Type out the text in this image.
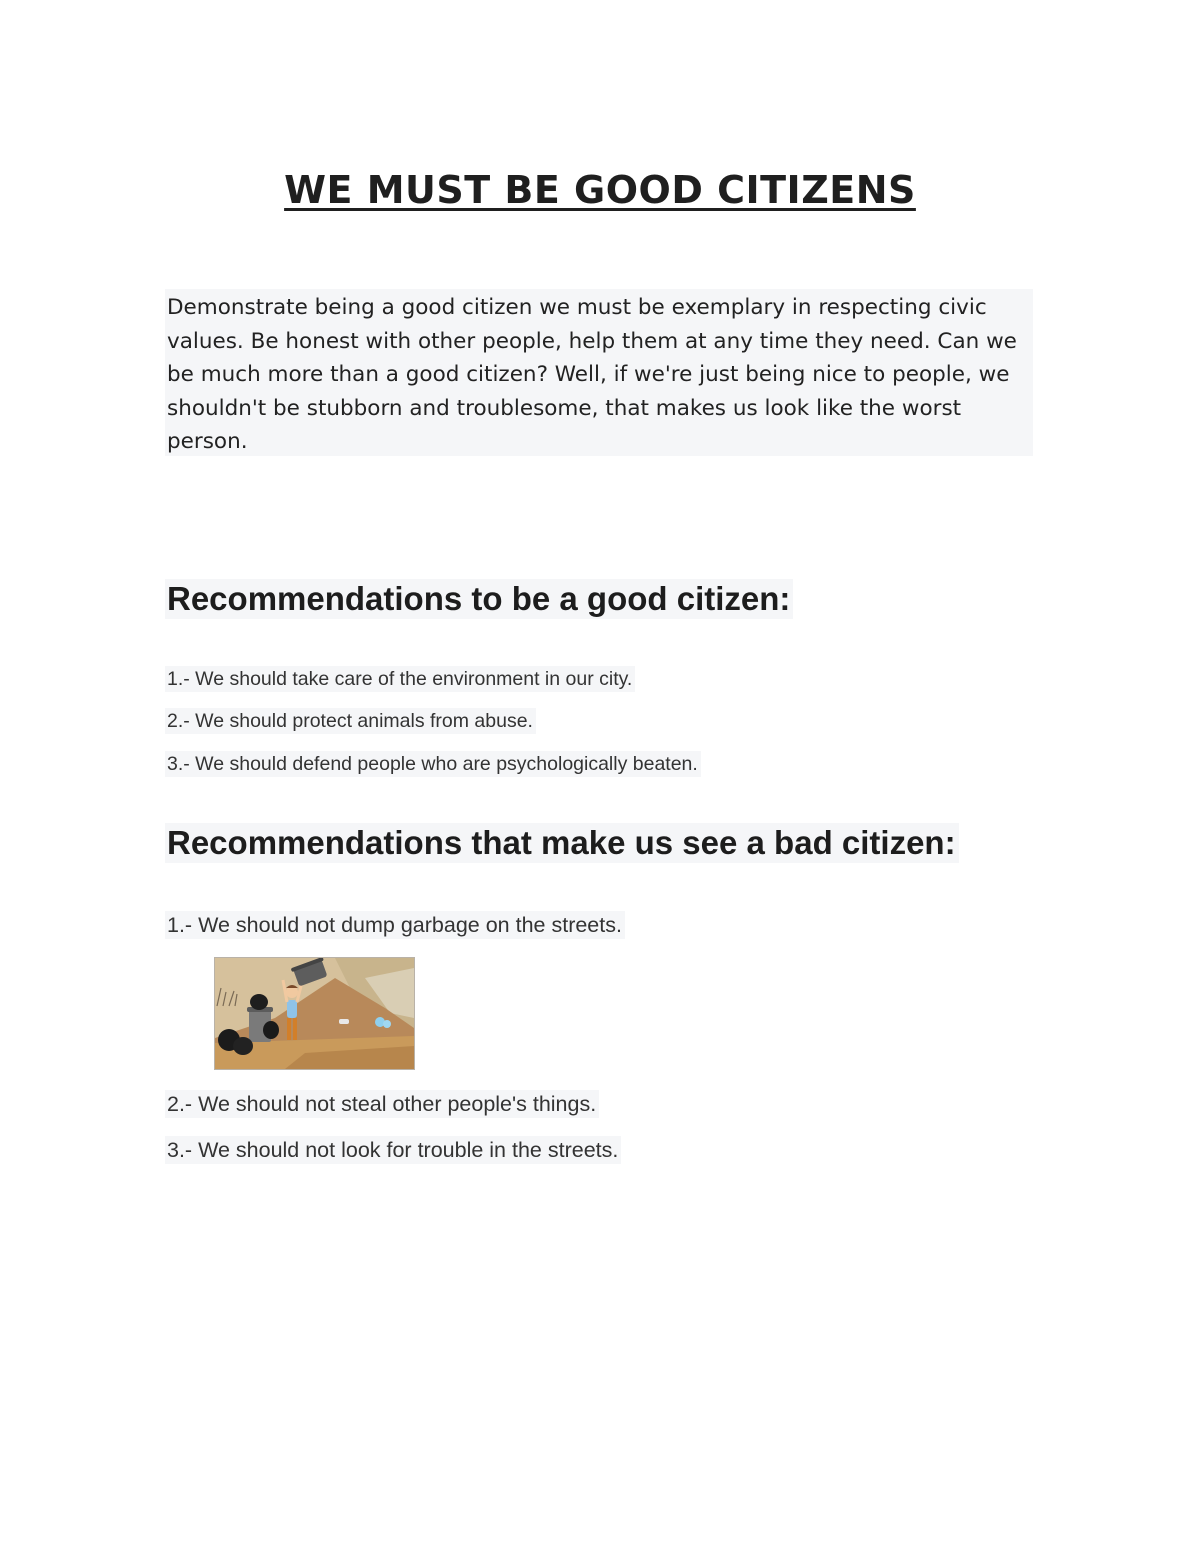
WE MUST BE GOOD CITIZENS

Demonstrate being a good citizen we must be exemplary in respecting civic values. Be honest with other people, help them at any time they need. Can we be much more than a good citizen? Well, if we're just being nice to people, we shouldn't be stubborn and troublesome, that makes us look like the worst person.

Recommendations to be a good citizen:

1.- We should take care of the environment in our city.

2.- We should protect animals from abuse.

3.- We should defend people who are psychologically beaten.

Recommendations that make us see a bad citizen:

1.- We should not dump garbage on the streets.

2.- We should not steal other people's things.

3.- We should not look for trouble in the streets.
